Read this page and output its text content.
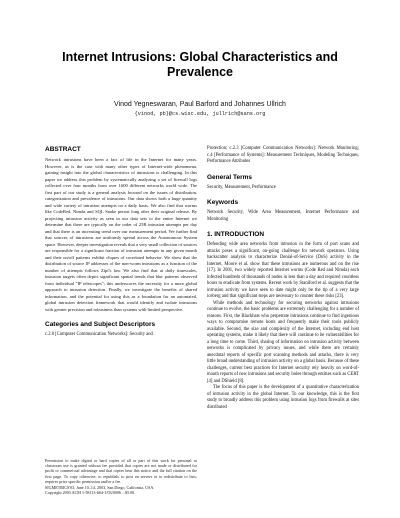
Internet Intrusions: Global Characteristics and Prevalence
Vinod Yegneswaran, Paul Barford and Johannes Ullrich
{vinod, pb}@cs.wisc.edu, jullrich@sans.org
ABSTRACT

Network intrusions have been a fact of life in the Internet for many years. However, as is the case with many other types of Internet-wide phenomena, gaining insight into the global characteristics of intrusions is challenging. In this paper we address this problem by systematically analyzing a set of firewall logs collected over four months from over 1600 different networks world wide. The first part of our study is a general analysis focused on the issues of distribution, categorization and prevalence of intrusions. Our data shows both a huge quantity and wide variety of intrusion attempts on a daily basis. We also find that worms like CodeRed, Nimda and SQL Snake persist long after their original release. By projecting intrusion activity as seen in our data sets to the entire Internet we determine that there are typically on the order of 25B intrusion attempts per day and that there is an increasing trend over our measurement period. We further find that sources of intrusions are uniformly spread across the Autonomous System space. However, deeper investigation reveals that a very small collection of sources are responsible for a significant fraction of intrusion attempts in any given month and their on/off patterns exhibit cliques of correlated behavior. We show that the distribution of source IP addresses of the non-worm intrusions as a function of the number of attempts follows Zipf's law. We also find that at daily timescales, intrusion targets often depict significant spatial trends that blur patterns observed from individual "IP telescopes"; this underscores the necessity for a more global approach to intrusion detection. Finally, we investigate the benefits of shared information, and the potential for using this as a foundation for an automated, global intrusion detection framework that would identify and isolate intrusions with greater precision and robustness than systems with limited perspective.

Categories and Subject Descriptors

c.2.0 [Computer Communication Networks]: Security and

Permission to make digital or hard copies of all or part of this work for personal or classroom use is granted without fee provided that copies are not made or distributed for profit or commercial advantage and that copies bear this notice and the full citation on the first page. To copy otherwise, to republish, to post on servers or to redistribute to lists, requires prior specific permission and/or a fee.
SIGMETRICS'03, June 10–14, 2003, San Diego, California, USA.
Copyright 2003 ACM 1-58113-664-1/03/0006 ...$5.00.

Protection; c.2.3 [Computer Communication Networks]: Network Monitoring; c.4 [Performance of Systems]: Measurement Techniques, Modeling Techniques, Performance Attributes

General Terms

Security, Measurement, Performance

Keywords

Network Security, Wide Area Measurement, Internet Performance and Monitoring

1. INTRODUCTION

Defending wide area networks from intrusion in the form of port scans and attacks poses a significant, on-going challenge for network operators. Using backscatter analysis to characterize Denial-of-Service (DoS) activity in the Internet, Moore et al. show that these intrusions are numerous and on the rise [17]. In 2001, two widely reported Internet worms (Code Red and Nimda) each infected hundreds of thousands of nodes in less than a day and required countless hours to eradicate from systems. Recent work by Staniford et al. suggests that the intrusion activity we have seen to date might only be the tip of a very large iceberg and that significant steps are necessary to counter these risks [23].

While methods and technology for securing networks against intrusions continue to evolve, the basic problems are extremely challenging for a number of reasons. First, the Blackhats who perpetrate intrusions continue to find ingenious ways to compromise remote hosts and frequently make their tools publicly available. Second, the size and complexity of the Internet, including end host operating systems, make it likely that there will continue to be vulnerabilities for a long time to come. Third, sharing of information on intrusion activity between networks is complicated by privacy issues, and while there are certainly anecdotal reports of specific port scanning methods and attacks, there is very little broad understanding of intrusion activity on a global basis. Because of these challenges, current best practices for Internet security rely heavily on word-of-mouth reports of new intrusions and security holes through entities such as CERT [4] and DShield [8].

The focus of this paper is the development of a quantitative characterization of intrusion activity in the global Internet. To our knowledge, this is the first study to broadly address this problem using intrusion logs from firewalls at sites distributed
